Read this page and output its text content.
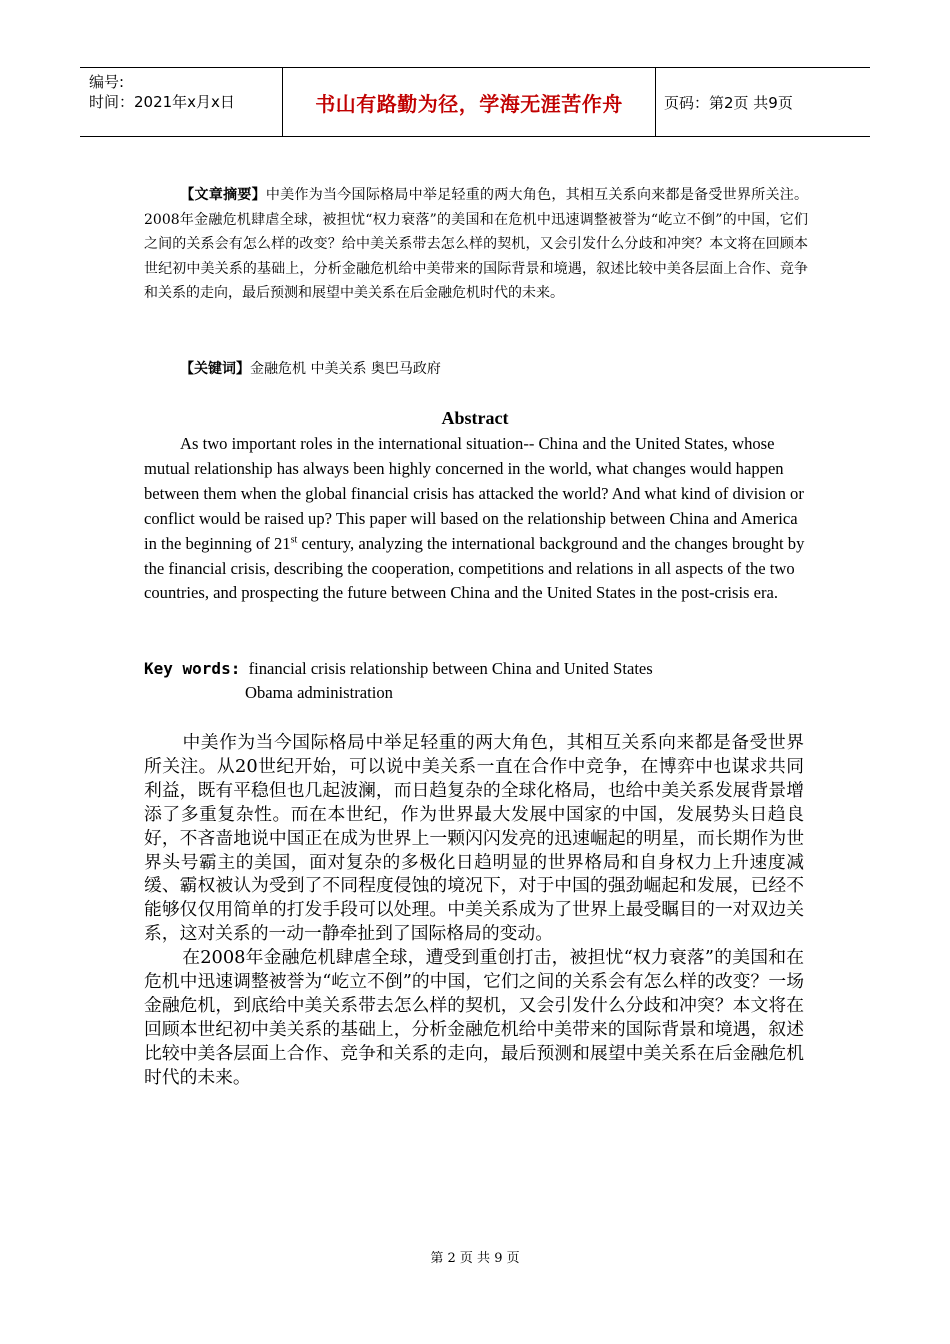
编号:
时间：2021年x月x日	书山有路勤为径，学海无涯苦作舟	页码：第2页 共9页
【文章摘要】中美作为当今国际格局中举足轻重的两大角色，其相互关系向来都是备受世界所关注。2008年金融危机肆虐全球，被担忧“权力衰落”的美国和在危机中迅速调整被誉为“屹立不倒”的中国，它们之间的关系会有怎么样的改变？给中美关系带去怎么样的契机，又会引发什么分歧和冲突？本文将在回顾本世纪初中美关系的基础上，分析金融危机给中美带来的国际背景和境遇，叙述比较中美各层面上合作、竞争和关系的走向，最后预测和展望中美关系在后金融危机时代的未来。
【关键词】金融危机 中美关系 奥巴马政府
Abstract
As two important roles in the international situation-- China and the United States, whose mutual relationship has always been highly concerned in the world, what changes would happen between them when the global financial crisis has attacked the world? And what kind of division or conflict would be raised up? This paper will based on the relationship between China and America in the beginning of 21st century, analyzing the international background and the changes brought by the financial crisis, describing the cooperation, competitions and relations in all aspects of the two countries, and prospecting the future between China and the United States in the post-crisis era.
Key words: financial crisis relationship between China and United States
Obama administration

中美作为当今国际格局中举足轻重的两大角色，其相互关系向来都是备受世界所关注。从20世纪开始，可以说中美关系一直在合作中竞争，在博弈中也谋求共同利益，既有平稳但也几起波澜，而日趋复杂的全球化格局，也给中美关系发展背景增添了多重复杂性。而在本世纪，作为世界最大发展中国家的中国，发展势头日趋良好，不吝啬地说中国正在成为世界上一颗闪闪发亮的迅速崛起的明星，而长期作为世界头号霸主的美国，面对复杂的多极化日趋明显的世界格局和自身权力上升速度减缓、霸权被认为受到了不同程度侵蚀的境况下，对于中国的强劲崛起和发展，已经不能够仅仅用简单的打发手段可以处理。中美关系成为了世界上最受瞩目的一对双边关系，这对关系的一动一静牵扯到了国际格局的变动。

在2008年金融危机肆虐全球，遭受到重创打击，被担忧“权力衰落”的美国和在危机中迅速调整被誉为“屹立不倒”的中国，它们之间的关系会有怎么样的改变？一场金融危机，到底给中美关系带去怎么样的契机，又会引发什么分歧和冲突？本文将在回顾本世纪初中美关系的基础上，分析金融危机给中美带来的国际背景和境遇，叙述比较中美各层面上合作、竞争和关系的走向，最后预测和展望中美关系在后金融危机时代的未来。

第 2 页 共 9 页
